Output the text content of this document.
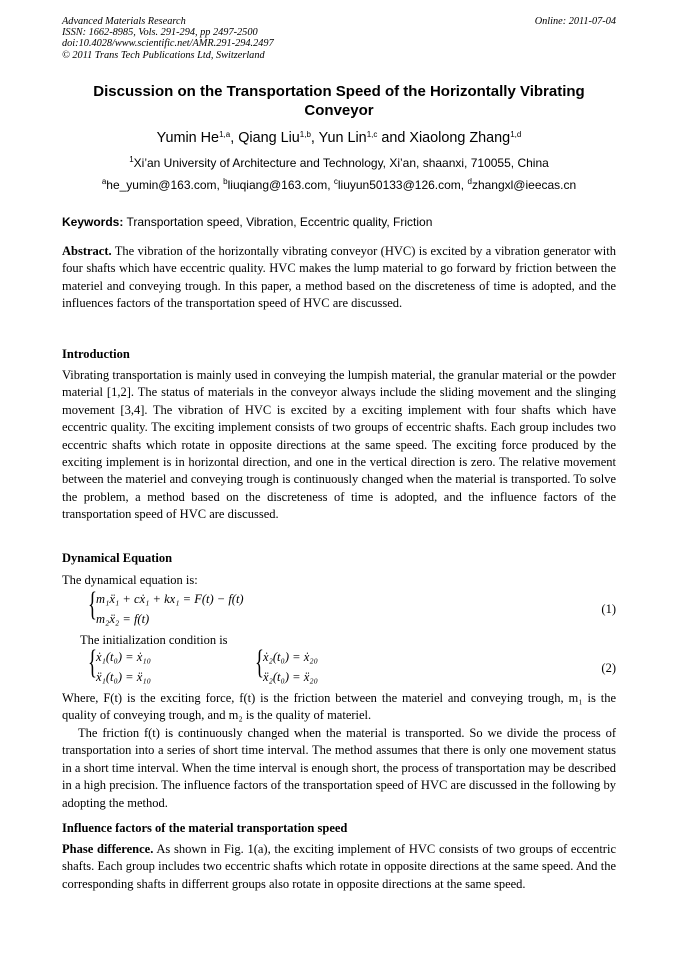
Advanced Materials Research
ISSN: 1662-8985, Vols. 291-294, pp 2497-2500
doi:10.4028/www.scientific.net/AMR.291-294.2497
© 2011 Trans Tech Publications Ltd, Switzerland
Online: 2011-07-04
Discussion on the Transportation Speed of the Horizontally Vibrating Conveyor
Yumin He$^{1,a}$, Qiang Liu$^{1,b}$, Yun Lin$^{1,c}$ and Xiaolong Zhang$^{1,d}$
$^1$Xi’an University of Architecture and Technology, Xi’an, shaanxi, 710055, China
$^a$he_yumin@163.com, $^b$liuqiang@163.com, $^c$liuyun50133@126.com, $^d$zhangxl@ieecas.cn
Keywords: Transportation speed, Vibration, Eccentric quality, Friction
Abstract. The vibration of the horizontally vibrating conveyor (HVC) is excited by a vibration generator with four shafts which have eccentric quality. HVC makes the lump material to go forward by friction between the materiel and conveying trough. In this paper, a method based on the discreteness of time is adopted, and the influences factors of the transportation speed of HVC are discussed.
Introduction
Vibrating transportation is mainly used in conveying the lumpish material, the granular material or the powder material [1,2]. The status of materials in the conveyor always include the sliding movement and the slinging movement [3,4]. The vibration of HVC is excited by a exciting implement with four shafts which have eccentric quality. The exciting implement consists of two groups of eccentric shafts. Each group includes two eccentric shafts which rotate in opposite directions at the same speed. The exciting force produced by the exciting implement is in horizontal direction, and one in the vertical direction is zero. The relative movement between the materiel and conveying trough is continuously changed when the material is transported. To solve the problem, a method based on the discreteness of time is adopted, and the influence factors of the transportation speed of HVC are discussed.
Dynamical Equation
The dynamical equation is:
{ m₁ẍ₁ + cẋ₁ + kx₁ = F(t) − f(t)
m₂ẍ₂ = f(t)
(1)
The initialization condition is
{ ẋ₁(t₀) = ẋ₁₀
ẍ₁(t₀) = ẍ₁₀	{ ẋ₂(t₀) = ẋ₂₀
ẍ₂(t₀) = ẍ₂₀
(2)
Where, F(t) is the exciting force, f(t) is the friction between the materiel and conveying trough, m₁ is the quality of conveying trough, and m₂ is the quality of materiel.
The friction f(t) is continuously changed when the material is transported. So we divide the process of transportation into a series of short time interval. The method assumes that there is only one movement status in a short time interval. When the time interval is enough short, the process of transportation may be described in a high precision. The influence factors of the transportation speed of HVC are discussed in the following by adopting the method.
Influence factors of the material transportation speed
Phase difference. As shown in Fig. 1(a), the exciting implement of HVC consists of two groups of eccentric shafts. Each group includes two eccentric shafts which rotate in opposite directions at the same speed. And the corresponding shafts in differrent groups also rotate in opposite directions at the same speed.
